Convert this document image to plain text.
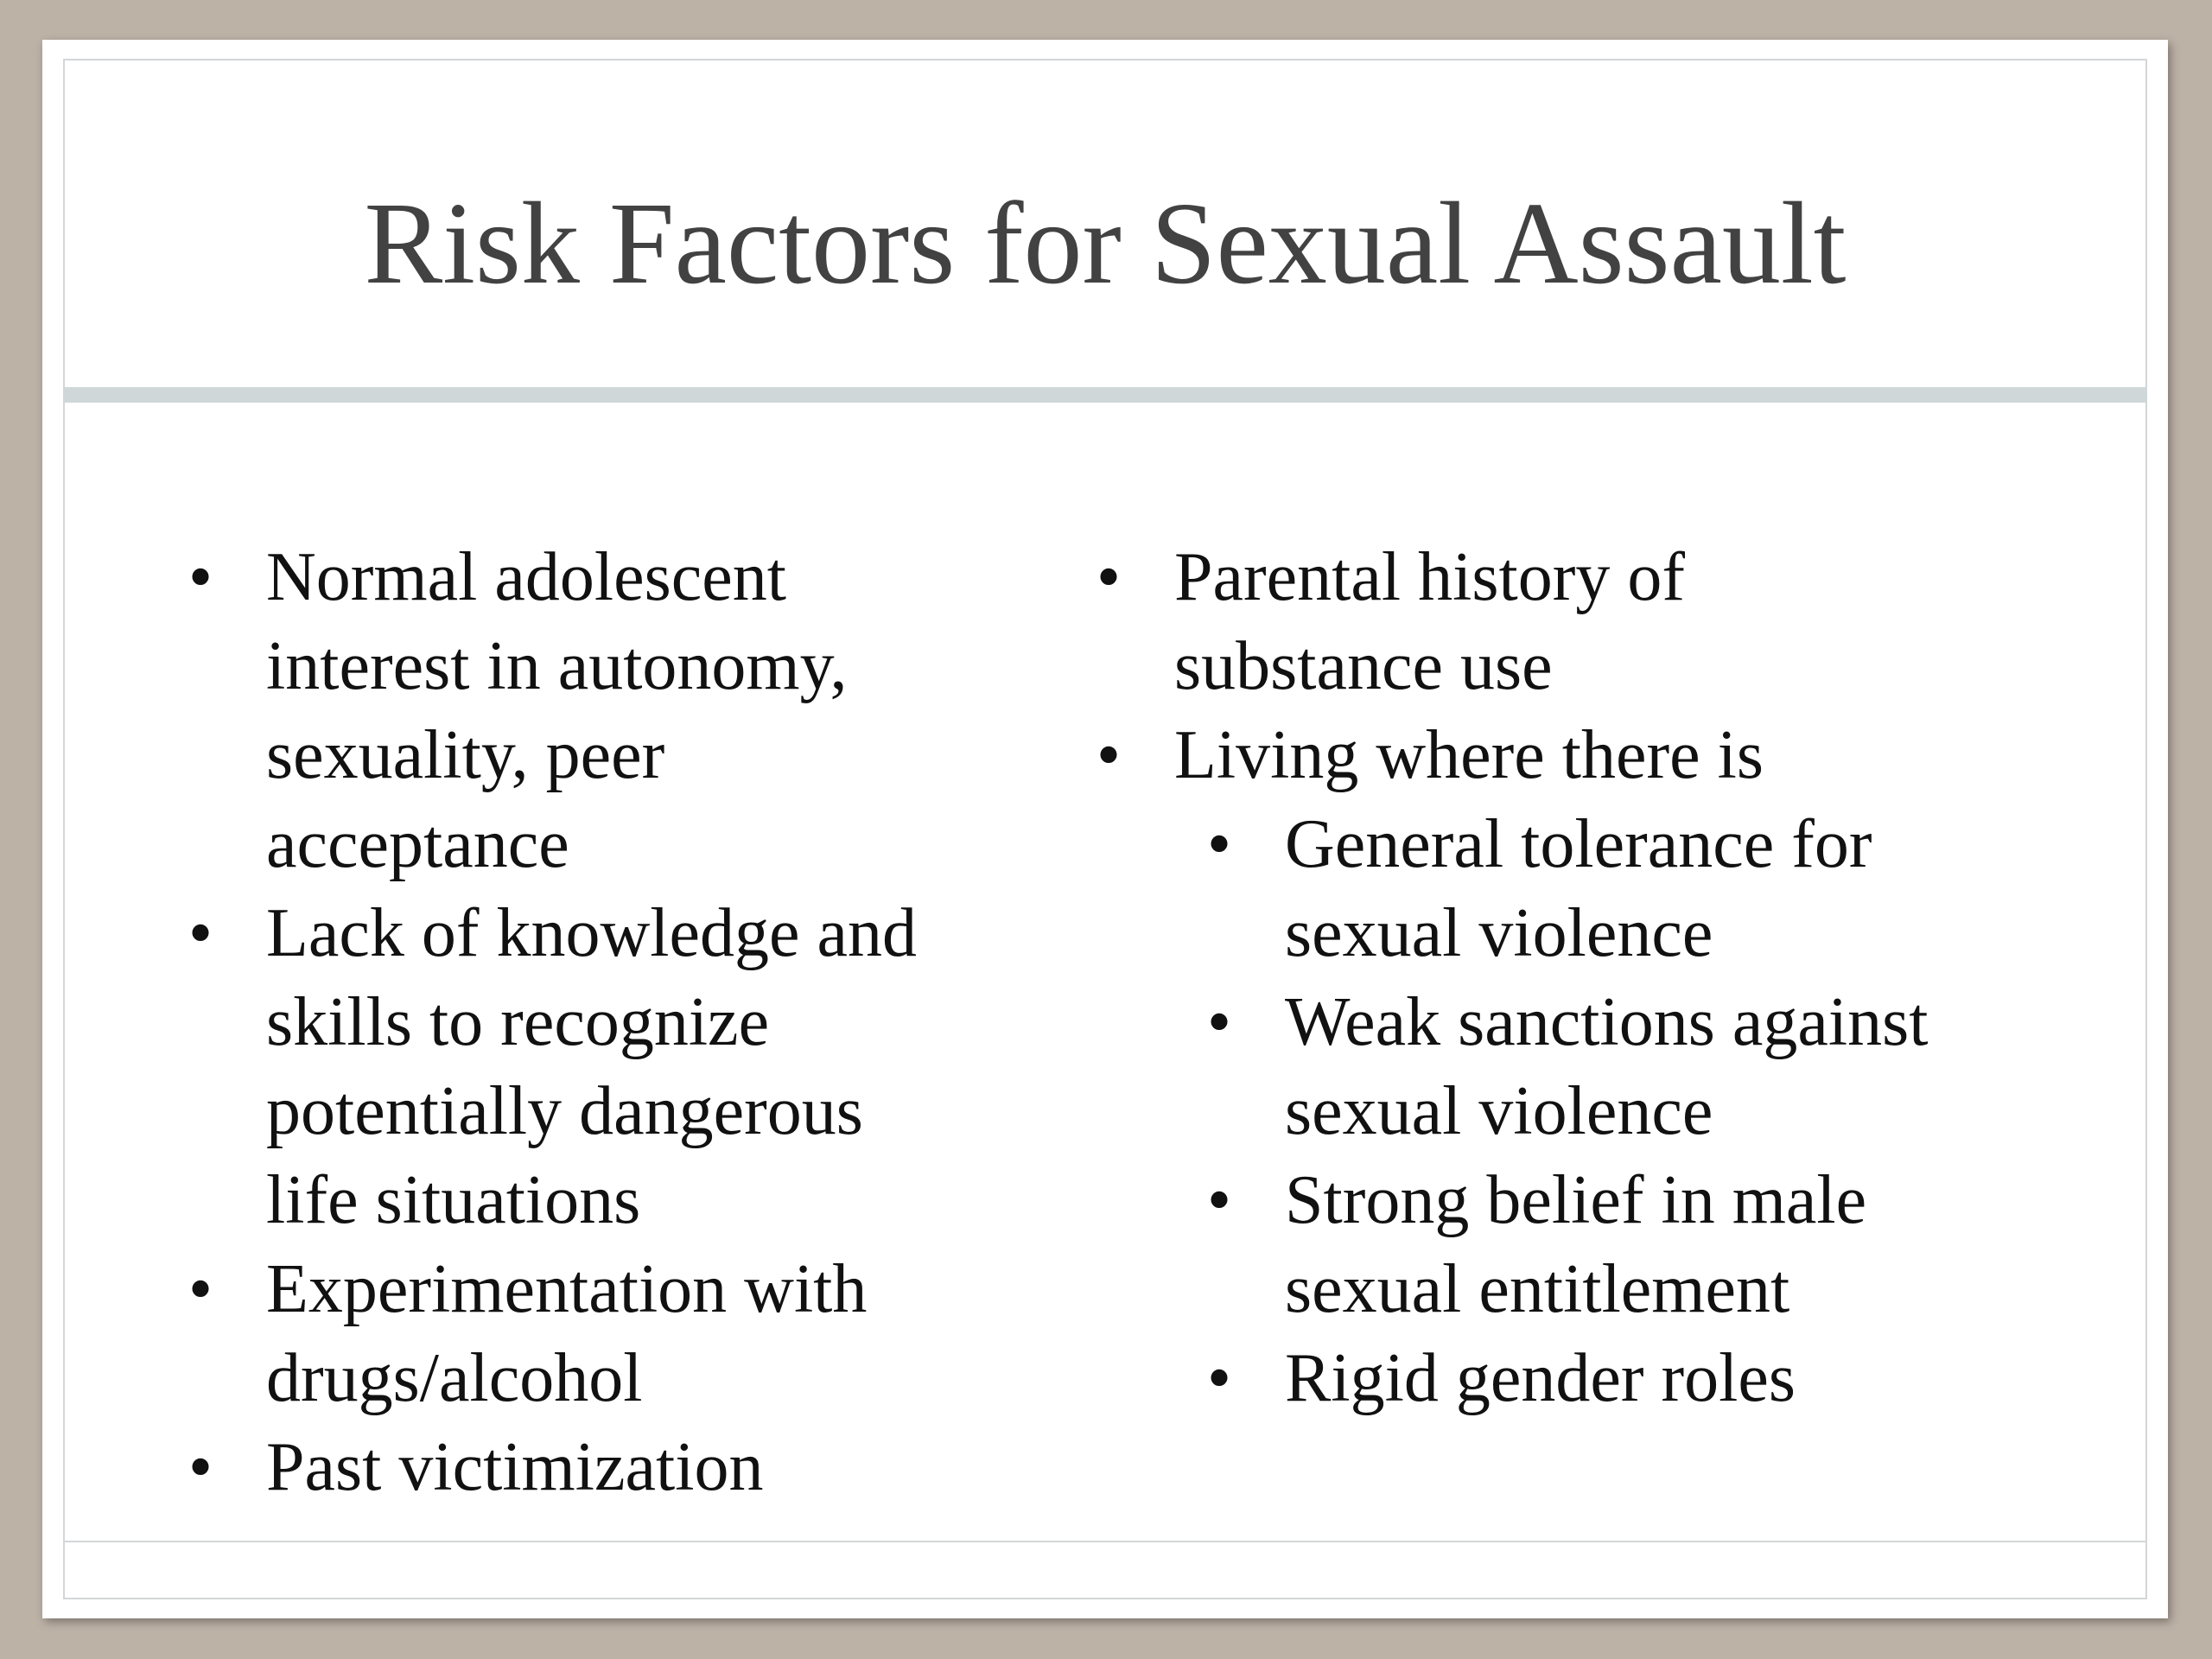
Risk Factors for Sexual Assault
• Normal adolescent
interest in autonomy,
sexuality, peer
acceptance
• Lack of knowledge and
skills to recognize
potentially dangerous
life situations
• Experimentation with
drugs/alcohol
• Past victimization
• Parental history of
substance use
• Living where there is
• General tolerance for
sexual violence
• Weak sanctions against
sexual violence
• Strong belief in male
sexual entitlement
• Rigid gender roles
